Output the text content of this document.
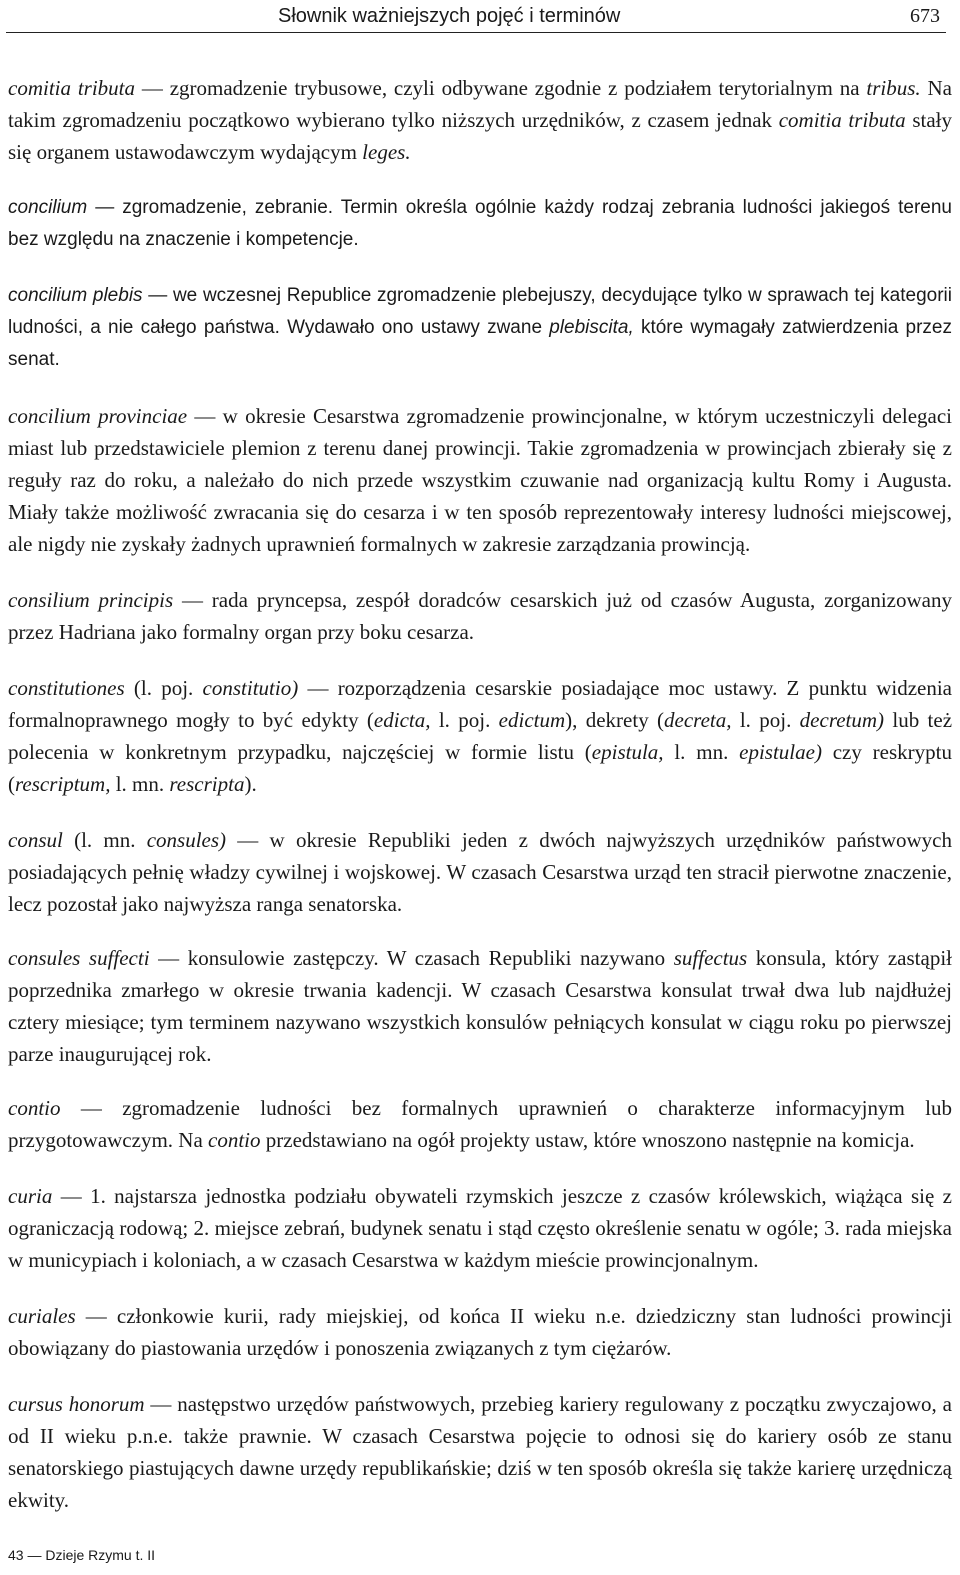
Słownik ważniejszych pojęć i terminów	673

comitia tributa — zgromadzenie trybusowe, czyli odbywane zgodnie z podziałem terytorialnym na tribus. Na takim zgromadzeniu początkowo wybierano tylko niższych urzędników, z czasem jednak comitia tributa stały się organem ustawodawczym wydającym leges.

concilium — zgromadzenie, zebranie. Termin określa ogólnie każdy rodzaj zebrania ludności jakiegoś terenu bez względu na znaczenie i kompetencje.

concilium plebis — we wczesnej Republice zgromadzenie plebejuszy, decydujące tylko w sprawach tej kategorii ludności, a nie całego państwa. Wydawało ono ustawy zwane plebiscita, które wymagały zatwierdzenia przez senat.

concilium provinciae — w okresie Cesarstwa zgromadzenie prowincjonalne, w którym uczestniczyli delegaci miast lub przedstawiciele plemion z terenu danej prowincji. Takie zgromadzenia w prowincjach zbierały się z reguły raz do roku, a należało do nich przede wszystkim czuwanie nad organizacją kultu Romy i Augusta. Miały także możliwość zwracania się do cesarza i w ten sposób reprezentowały interesy ludności miejscowej, ale nigdy nie zyskały żadnych uprawnień formalnych w zakresie zarządzania prowincją.

consilium principis — rada pryncepsa, zespół doradców cesarskich już od czasów Augusta, zorganizowany przez Hadriana jako formalny organ przy boku cesarza.

constitutiones (l. poj. constitutio) — rozporządzenia cesarskie posiadające moc ustawy. Z punktu widzenia formalnoprawnego mogły to być edykty (edicta, l. poj. edictum), dekrety (decreta, l. poj. decretum) lub też polecenia w konkretnym przypadku, najczęściej w formie listu (epistula, l. mn. epistulae) czy reskryptu (rescriptum, l. mn. rescripta).

consul (l. mn. consules) — w okresie Republiki jeden z dwóch najwyższych urzędników państwowych posiadających pełnię władzy cywilnej i wojskowej. W czasach Cesarstwa urząd ten stracił pierwotne znaczenie, lecz pozostał jako najwyższa ranga senatorska.

consules suffecti — konsulowie zastępczy. W czasach Republiki nazywano suffectus konsula, który zastąpił poprzednika zmarłego w okresie trwania kadencji. W czasach Cesarstwa konsulat trwał dwa lub najdłużej cztery miesiące; tym terminem nazywano wszystkich konsulów pełniących konsulat w ciągu roku po pierwszej parze inaugurującej rok.

contio — zgromadzenie ludności bez formalnych uprawnień o charakterze informacyjnym lub przygotowawczym. Na contio przedstawiano na ogół projekty ustaw, które wnoszono następnie na komicja.

curia — 1. najstarsza jednostka podziału obywateli rzymskich jeszcze z czasów królewskich, wiążąca się z ograniczacją rodową; 2. miejsce zebrań, budynek senatu i stąd często określenie senatu w ogóle; 3. rada miejska w municypiach i koloniach, a w czasach Cesarstwa w każdym mieście prowincjonalnym.

curiales — członkowie kurii, rady miejskiej, od końca II wieku n.e. dziedziczny stan ludności prowincji obowiązany do piastowania urzędów i ponoszenia związanych z tym ciężarów.

cursus honorum — następstwo urzędów państwowych, przebieg kariery regulowany z początku zwyczajowo, a od II wieku p.n.e. także prawnie. W czasach Cesarstwa pojęcie to odnosi się do kariery osób ze stanu senatorskiego piastujących dawne urzędy republikańskie; dziś w ten sposób określa się także karierę urzędniczą ekwity.

43 — Dzieje Rzymu t. II
